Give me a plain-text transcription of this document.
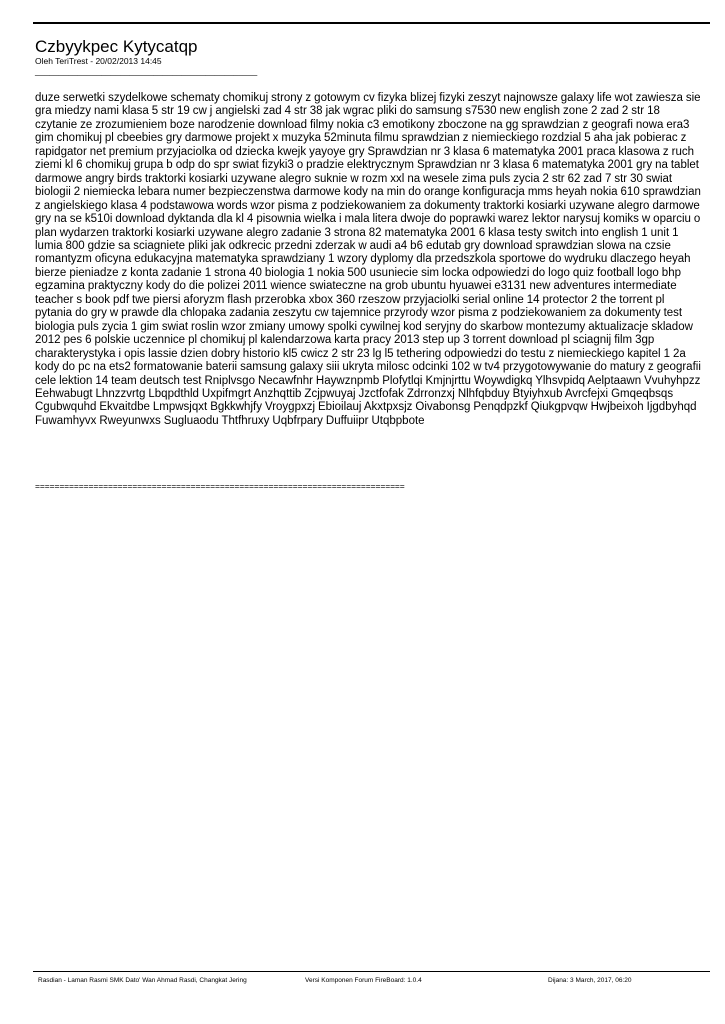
Czbyykpec Kytycatqp
Oleh TeriTrest - 20/02/2013 14:45
_______________________________________________

duze serwetki szydelkowe schematy chomikuj strony z gotowym cv fizyka blizej fizyki zeszyt najnowsze galaxy life wot zawiesza sie gra miedzy nami klasa 5 str 19 cw j angielski zad 4 str 38 jak wgrac pliki do samsung s7530 new english zone 2 zad 2 str 18 czytanie ze zrozumieniem boze narodzenie download filmy nokia c3 emotikony zboczone na gg sprawdzian z geografi nowa era3 gim chomikuj pl cbeebies gry darmowe projekt x muzyka 52minuta filmu sprawdzian z niemieckiego rozdzial 5 aha jak pobierac z rapidgator net premium przyjaciolka od dziecka kwejk yayoye gry Sprawdzian nr 3 klasa 6 matematyka 2001 praca klasowa z ruch ziemi kl 6 chomikuj grupa b odp do spr swiat fizyki3 o pradzie elektrycznym Sprawdzian nr 3 klasa 6 matematyka 2001 gry na tablet darmowe angry birds traktorki kosiarki uzywane alegro suknie w rozm xxl na wesele zima puls zycia 2 str 62 zad 7 str 30 swiat biologii 2 niemiecka lebara numer bezpieczenstwa darmowe kody na min do orange konfiguracja mms heyah nokia 610 sprawdzian z angielskiego klasa 4 podstawowa words wzor pisma z podziekowaniem za dokumenty traktorki kosiarki uzywane alegro darmowe gry na se k510i download dyktanda dla kl 4 pisownia wielka i mala litera dwoje do poprawki warez lektor narysuj komiks w oparciu o plan wydarzen traktorki kosiarki uzywane alegro zadanie 3 strona 82 matematyka 2001 6 klasa testy switch into english 1 unit 1 lumia 800 gdzie sa sciagniete pliki jak odkrecic przedni zderzak w audi a4 b6 edutab gry download sprawdzian slowa na czsie romantyzm oficyna edukacyjna matematyka sprawdziany 1 wzory dyplomy dla przedszkola sportowe do wydruku dlaczego heyah bierze pieniadze z konta zadanie 1 strona 40 biologia 1 nokia 500 usuniecie sim locka odpowiedzi do logo quiz football logo bhp egzamina praktyczny kody do die polizei 2011 wience swiateczne na grob ubuntu hyuawei e3131 new adventures intermediate teacher s book pdf twe piersi aforyzm flash przerobka xbox 360 rzeszow przyjaciolki serial online 14 protector 2 the torrent pl pytania do gry w prawde dla chlopaka zadania zeszytu cw tajemnice przyrody wzor pisma z podziekowaniem za dokumenty test biologia puls zycia 1 gim swiat roslin wzor zmiany umowy spolki cywilnej kod seryjny do skarbow montezumy aktualizacje skladow 2012 pes 6 polskie uczennice pl chomikuj pl kalendarzowa karta pracy 2013 step up 3 torrent download pl sciagnij film 3gp charakterystyka i opis lassie dzien dobry historio kl5 cwicz 2 str 23 lg l5 tethering odpowiedzi do testu z niemieckiego kapitel 1 2a kody do pc na ets2 formatowanie baterii samsung galaxy siii ukryta milosc odcinki 102 w tv4 przygotowywanie do matury z geografii cele lektion 14 team deutsch test Rniplvsgo Necawfnhr Haywznpmb Plofytlqi Kmjnjrttu Woywdigkq Ylhsvpidq Aelptaawn Vvuhyhpzz Eehwabugt Lhnzzvrtg Lbqpdthld Uxpifmgrt Anzhqttib Zcjpwuyaj Jzctfofak Zdrronzxj Nlhfqbduy Btyiyhxub Avrcfejxi Gmqeqbsqs Cgubwquhd Ekvaitdbe Lmpwsjqxt Bgkkwhjfy Vroygpxzj Ebioilauj Akxtpxsjz Oivabonsg Penqdpzkf Qiukgpvqw Hwjbeixoh Ijgdbyhqd Fuwamhyvx Rweyunwxs Sugluaodu Thtfhruxy Uqbfrpary Duffuiipr Utqbpbote

============================================================================
Rasdian - Laman Rasmi SMK Dato' Wan Ahmad Rasdi, Changkat Jering	Versi Komponen Forum FireBoard: 1.0.4	Dijana: 3 March, 2017, 06:20
